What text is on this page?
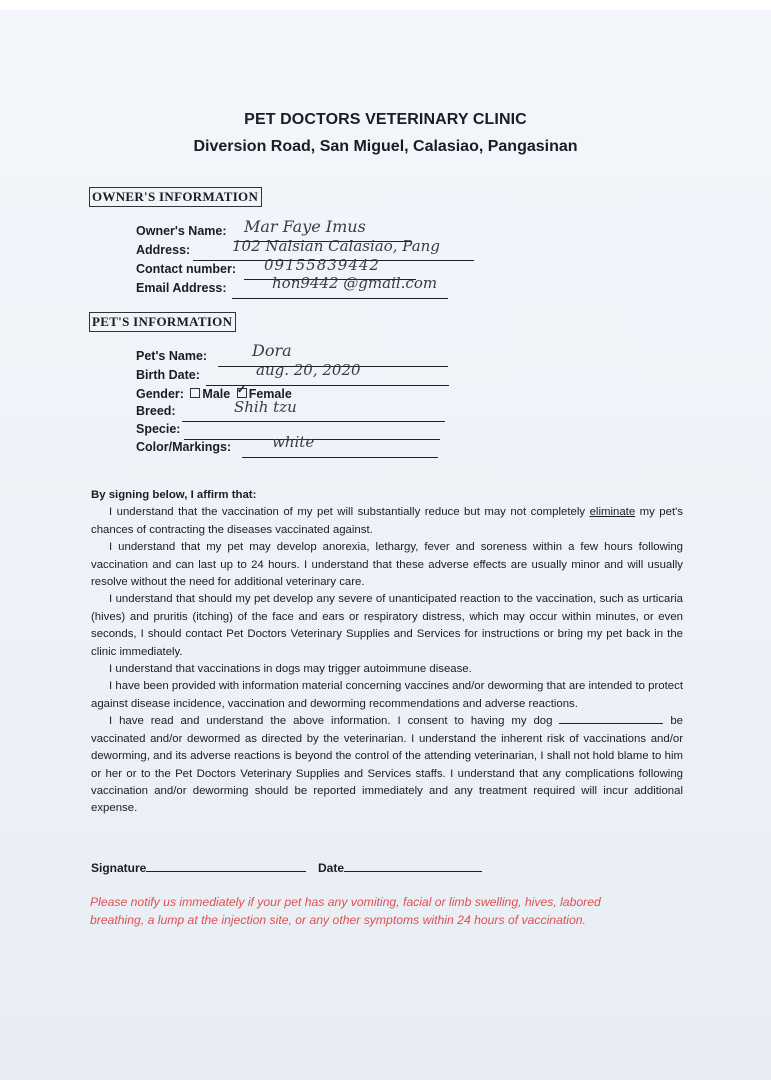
PET DOCTORS VETERINARY CLINIC
Diversion Road, San Miguel, Calasiao, Pangasinan
OWNER'S INFORMATION
Owner's Name: Mar Faye Imus
Address:	102 Nalsian Calasiao, Pang
Contact number: 09155839442
Email Address:	hon9442 @gmail.com
PET'S INFORMATION
Pet's Name:	Dora
Birth Date:	aug. 20, 2020
Gender: Male ✓ Female
Breed:	Shih tzu
Specie:
Color/Markings:	white
By signing below, I affirm that:

I understand that the vaccination of my pet will substantially reduce but may not completely eliminate my pet's chances of contracting the diseases vaccinated against.

I understand that my pet may develop anorexia, lethargy, fever and soreness within a few hours following vaccination and can last up to 24 hours. I understand that these adverse effects are usually minor and will usually resolve without the need for additional veterinary care.

I understand that should my pet develop any severe of unanticipated reaction to the vaccination, such as urticaria (hives) and pruritis (itching) of the face and ears or respiratory distress, which may occur within minutes, or even seconds, I should contact Pet Doctors Veterinary Supplies and Services for instructions or bring my pet back in the clinic immediately.

I understand that vaccinations in dogs may trigger autoimmune disease.

I have been provided with information material concerning vaccines and/or deworming that are intended to protect against disease incidence, vaccination and deworming recommendations and adverse reactions.

I have read and understand the above information. I consent to having my dog	be vaccinated and/or dewormed as directed by the veterinarian. I understand the inherent risk of vaccinations and/or deworming, and its adverse reactions is beyond the control of the attending veterinarian, I shall not hold blame to him or her or to the Pet Doctors Veterinary Supplies and Services staffs. I understand that any complications following vaccination and/or deworming should be reported immediately and any treatment required will incur additional expense.

Signature	Date
Please notify us immediately if your pet has any vomiting, facial or limb swelling, hives, labored breathing, a lump at the injection site, or any other symptoms within 24 hours of vaccination.
